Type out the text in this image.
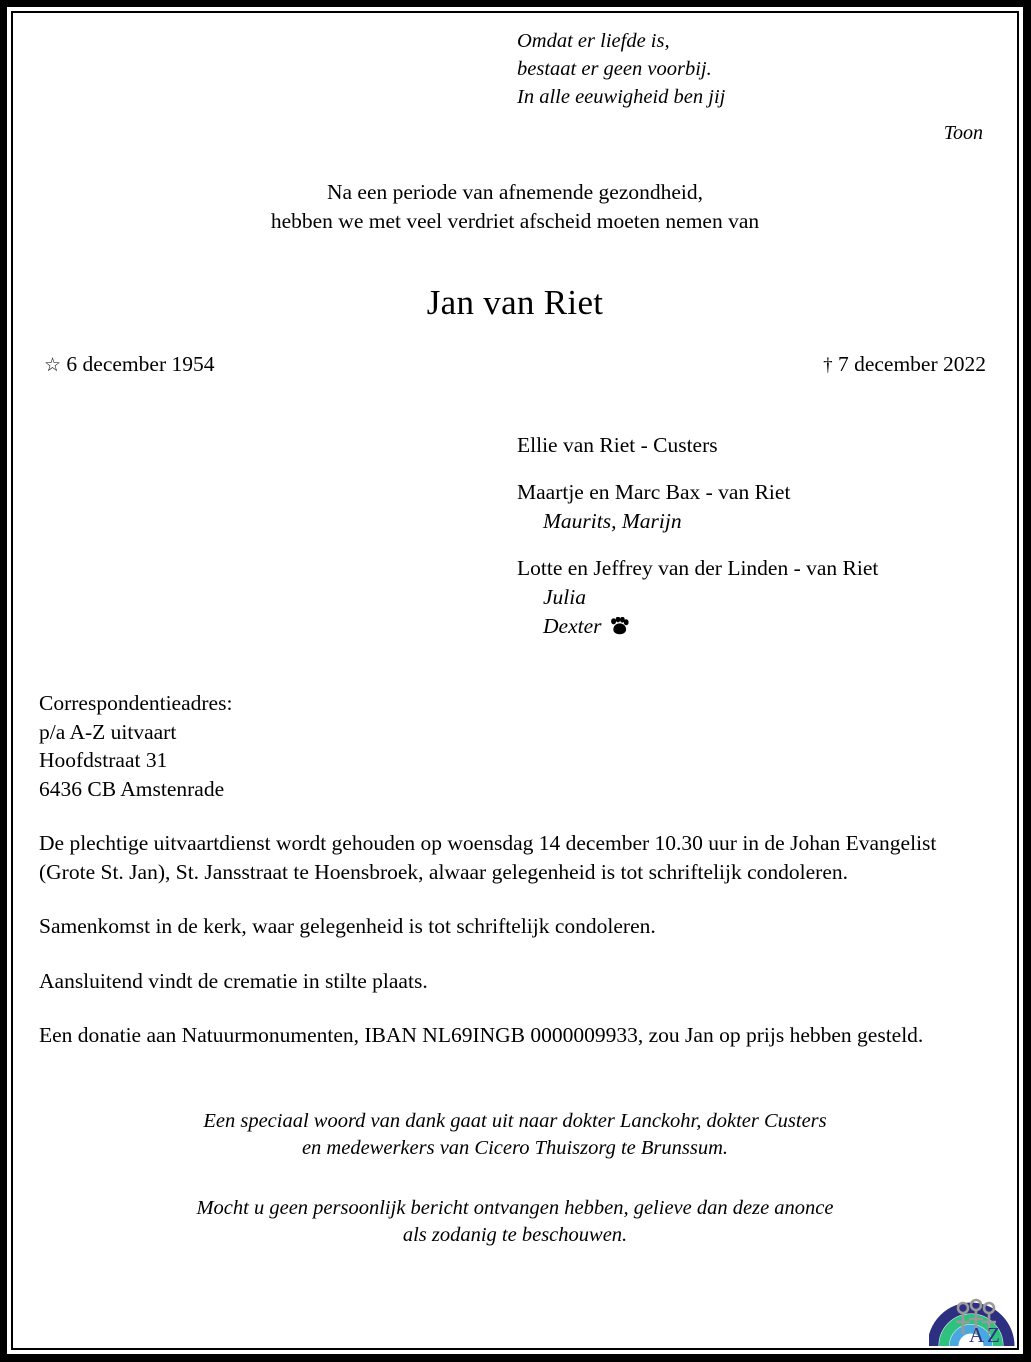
Omdat er liefde is,
bestaat er geen voorbij.
In alle eeuwigheid ben jij
Toon
Na een periode van afnemende gezondheid,
hebben we met veel verdriet afscheid moeten nemen van
Jan van Riet
☆ 6 december 1954	† 7 december 2022
Ellie van Riet - Custers
Maartje en Marc Bax - van Riet
Maurits, Marijn
Lotte en Jeffrey van der Linden - van Riet
Julia
Dexter
Correspondentieadres:
p/a A-Z uitvaart
Hoofdstraat 31
6436 CB Amstenrade
De plechtige uitvaartdienst wordt gehouden op woensdag 14 december 10.30 uur in de Johan Evangelist (Grote St. Jan), St. Jansstraat te Hoensbroek, alwaar gelegenheid is tot schriftelijk condoleren.
Samenkomst in de kerk, waar gelegenheid is tot schriftelijk condoleren.
Aansluitend vindt de crematie in stilte plaats.
Een donatie aan Natuurmonumenten, IBAN NL69INGB 0000009933, zou Jan op prijs hebben gesteld.
Een speciaal woord van dank gaat uit naar dokter Lanckohr, dokter Custers
en medewerkers van Cicero Thuiszorg te Brunssum.
Mocht u geen persoonlijk bericht ontvangen hebben, gelieve dan deze anonce
als zodanig te beschouwen.
A Z
